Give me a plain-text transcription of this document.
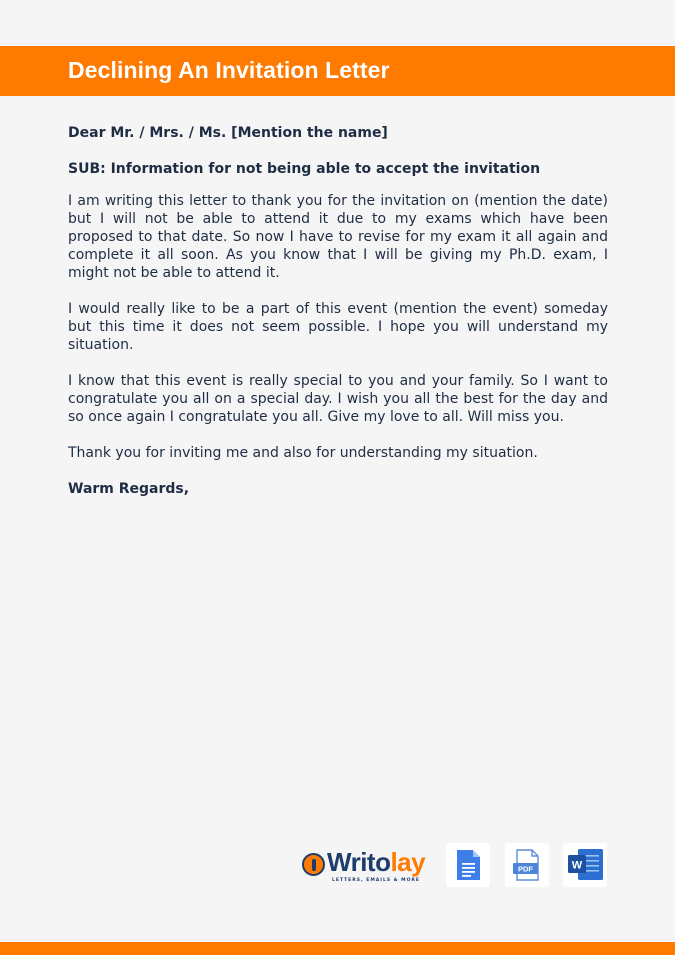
Declining An Invitation Letter

Dear Mr. / Mrs. / Ms. [Mention the name]

SUB: Information for not being able to accept the invitation

I am writing this letter to thank you for the invitation on (mention the date) but I will not be able to attend it due to my exams which have been proposed to that date. So now I have to revise for my exam it all again and complete it all soon. As you know that I will be giving my Ph.D. exam, I might not be able to attend it.

I would really like to be a part of this event (mention the event) someday but this time it does not seem possible. I hope you will understand my situation.

I know that this event is really special to you and your family. So I want to congratulate you all on a special day. I wish you all the best for the day and so once again I congratulate you all. Give my love to all. Will miss you.

Thank you for inviting me and also for understanding my situation.

Warm Regards,

Writolay
LETTERS, EMAILS & MORE
PDF	W
